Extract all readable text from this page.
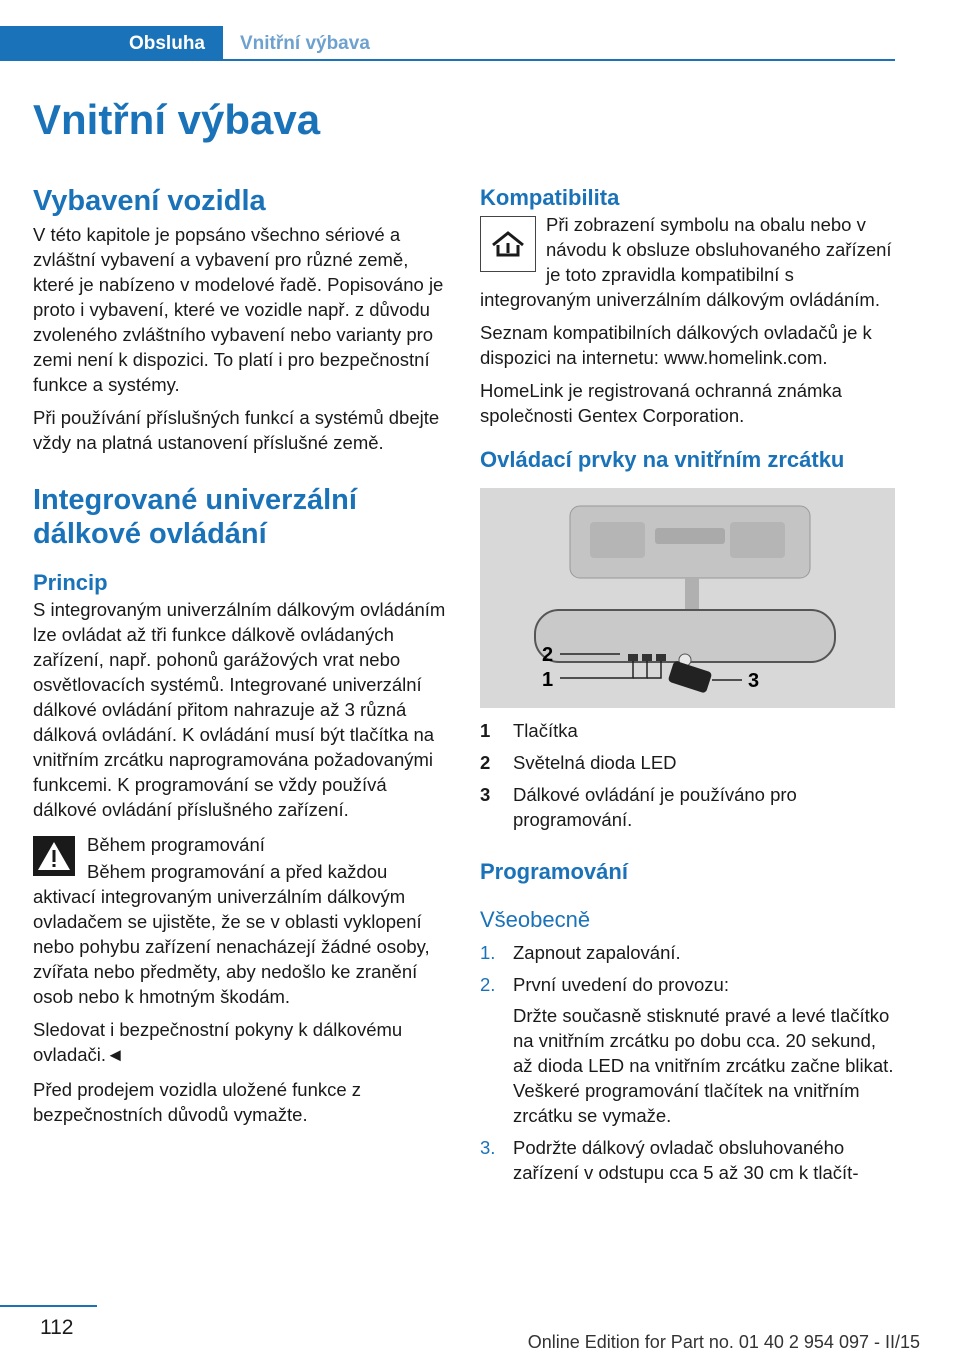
Obsluha	Vnitřní výbava
Vnitřní výbava
Vybavení vozidla

V této kapitole je popsáno všechno sériové a zvláštní vybavení a vybavení pro různé země, které je nabízeno v modelové řadě. Popisováno je proto i vybavení, které ve vozidle např. z důvodu zvoleného zvláštního vybavení nebo varianty pro zemi není k dispozici. To platí i pro bezpečnostní funkce a systémy.

Při používání příslušných funkcí a systémů dbejte vždy na platná ustanovení příslušné země.

Integrované univerzální dálkové ovládání
Princip

S integrovaným univerzálním dálkovým ovládáním lze ovládat až tři funkce dálkově ovládaných zařízení, např. pohonů garážových vrat nebo osvětlovacích systémů. Integrované univerzální dálkové ovládání přitom nahrazuje až 3 různá dálková ovládání. K ovládání musí být tlačítka na vnitřním zrcátku naprogramována požadovanými funkcemi. K programování se vždy používá dálkové ovládání příslušného zařízení.

Během programování

Během programování a před každou aktivací integrovaným univerzálním dálkovým ovladačem se ujistěte, že se v oblasti vyklopení nebo pohybu zařízení nenacházejí žádné osoby, zvířata nebo předměty, aby nedošlo ke zranění osob nebo k hmotným škodám.

Sledovat i bezpečnostní pokyny k dálkovému ovladači.◄

Před prodejem vozidla uložené funkce z bezpečnostních důvodů vymažte.

Kompatibilita

Při zobrazení symbolu na obalu nebo v návodu k obsluze obsluhovaného zařízení je toto zpravidla kompatibilní s integrovaným univerzálním dálkovým ovládáním.

Seznam kompatibilních dálkových ovladačů je k dispozici na internetu: www.homelink.com.

HomeLink je registrovaná ochranná známka společnosti Gentex Corporation.

Ovládací prvky na vnitřním zrcátku
2
1	3
1	Tlačítka
2	Světelná dioda LED
3	Dálkové ovládání je používáno pro programování.
Programování
Všeobecně
1. Zapnout zapalování.
2. První uvedení do provozu:
Držte současně stisknuté pravé a levé tlačítko na vnitřním zrcátku po dobu cca. 20 sekund, až dioda LED na vnitřním zrcátku začne blikat. Veškeré programování tlačítek na vnitřním zrcátku se vymaže.
3. Podržte dálkový ovladač obsluhovaného zařízení v odstupu cca 5 až 30 cm k tlačít-
112
Online Edition for Part no. 01 40 2 954 097 - II/15
